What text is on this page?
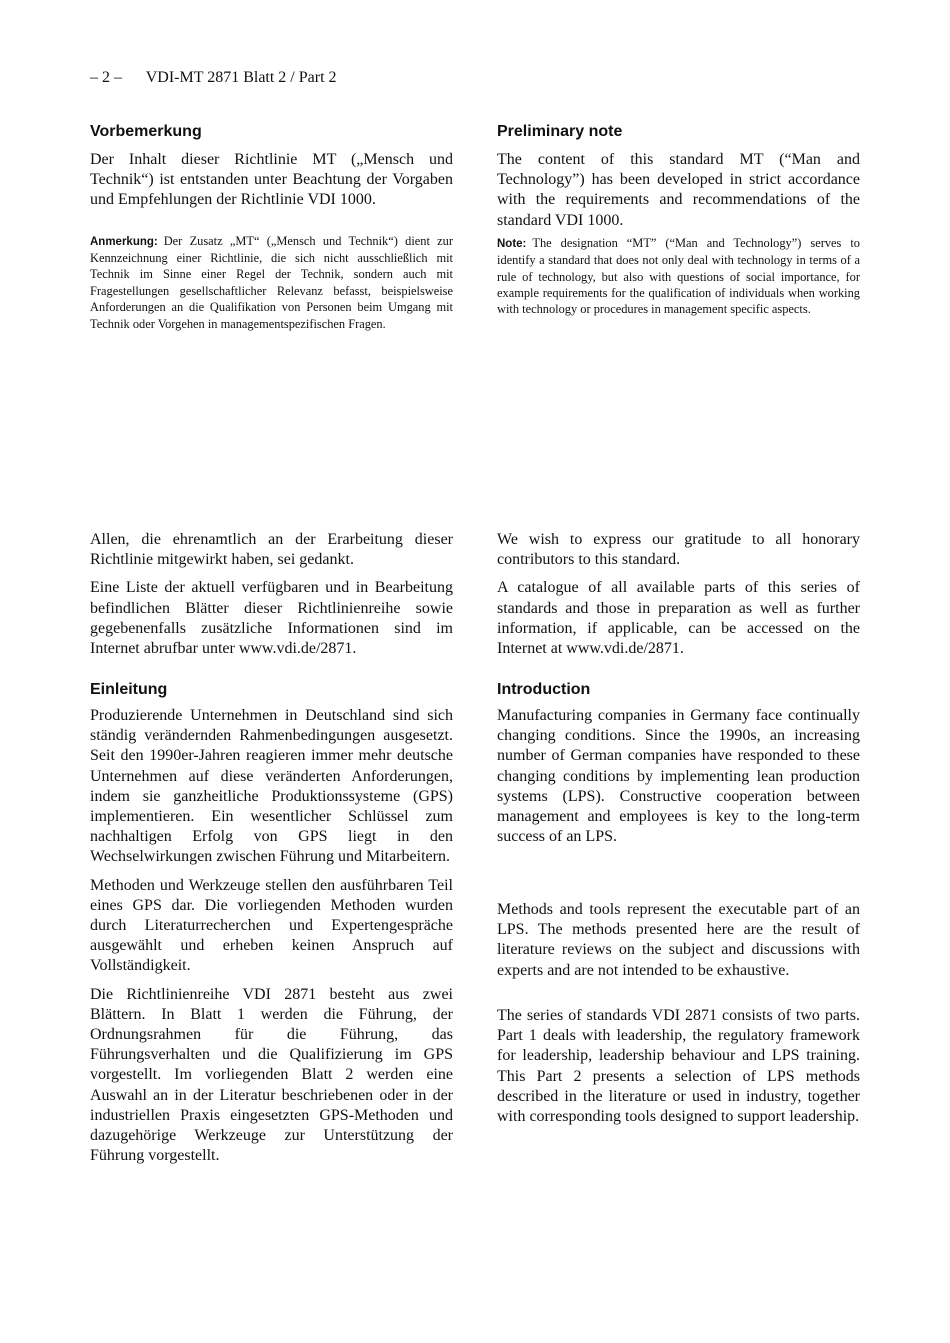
– 2 – VDI-MT 2871 Blatt 2 / Part 2
Vorbemerkung

Der Inhalt dieser Richtlinie MT („Mensch und Technik“) ist entstanden unter Beachtung der Vorgaben und Empfehlungen der Richtlinie VDI 1000.

Anmerkung: Der Zusatz „MT“ („Mensch und Technik“) dient zur Kennzeichnung einer Richtlinie, die sich nicht ausschließlich mit Technik im Sinne einer Regel der Technik, sondern auch mit Fragestellungen gesellschaftlicher Relevanz befasst, beispielsweise Anforderungen an die Qualifikation von Personen beim Umgang mit Technik oder Vorgehen in managementspezifischen Fragen.

Preliminary note

The content of this standard MT (“Man and Technology”) has been developed in strict accordance with the requirements and recommendations of the standard VDI 1000.

Note: The designation “MT” (“Man and Technology”) serves to identify a standard that does not only deal with technology in terms of a rule of technology, but also with questions of social importance, for example requirements for the qualification of individuals when working with technology or procedures in management specific aspects.

Allen, die ehrenamtlich an der Erarbeitung dieser Richtlinie mitgewirkt haben, sei gedankt.

Eine Liste der aktuell verfügbaren und in Bearbeitung befindlichen Blätter dieser Richtlinienreihe sowie gegebenenfalls zusätzliche Informationen sind im Internet abrufbar unter www.vdi.de/2871.

We wish to express our gratitude to all honorary contributors to this standard.

A catalogue of all available parts of this series of standards and those in preparation as well as further information, if applicable, can be accessed on the Internet at www.vdi.de/2871.

Einleitung

Produzierende Unternehmen in Deutschland sind sich ständig verändernden Rahmenbedingungen ausgesetzt. Seit den 1990er-Jahren reagieren immer mehr deutsche Unternehmen auf diese veränderten Anforderungen, indem sie ganzheitliche Produktionssysteme (GPS) implementieren. Ein wesentlicher Schlüssel zum nachhaltigen Erfolg von GPS liegt in den Wechselwirkungen zwischen Führung und Mitarbeitern.

Methoden und Werkzeuge stellen den ausführbaren Teil eines GPS dar. Die vorliegenden Methoden wurden durch Literaturrecherchen und Expertengespräche ausgewählt und erheben keinen Anspruch auf Vollständigkeit.

Die Richtlinienreihe VDI 2871 besteht aus zwei Blättern. In Blatt 1 werden die Führung, der Ordnungsrahmen für die Führung, das Führungsverhalten und die Qualifizierung im GPS vorgestellt. Im vorliegenden Blatt 2 werden eine Auswahl an in der Literatur beschriebenen oder in der industriellen Praxis eingesetzten GPS-Methoden und dazugehörige Werkzeuge zur Unterstützung der Führung vorgestellt.

Introduction

Manufacturing companies in Germany face continually changing conditions. Since the 1990s, an increasing number of German companies have responded to these changing conditions by implementing lean production systems (LPS). Constructive cooperation between management and employees is key to the long-term success of an LPS.

Methods and tools represent the executable part of an LPS. The methods presented here are the result of literature reviews on the subject and discussions with experts and are not intended to be exhaustive.

The series of standards VDI 2871 consists of two parts. Part 1 deals with leadership, the regulatory framework for leadership, leadership behaviour and LPS training. This Part 2 presents a selection of LPS methods described in the literature or used in industry, together with corresponding tools designed to support leadership.
